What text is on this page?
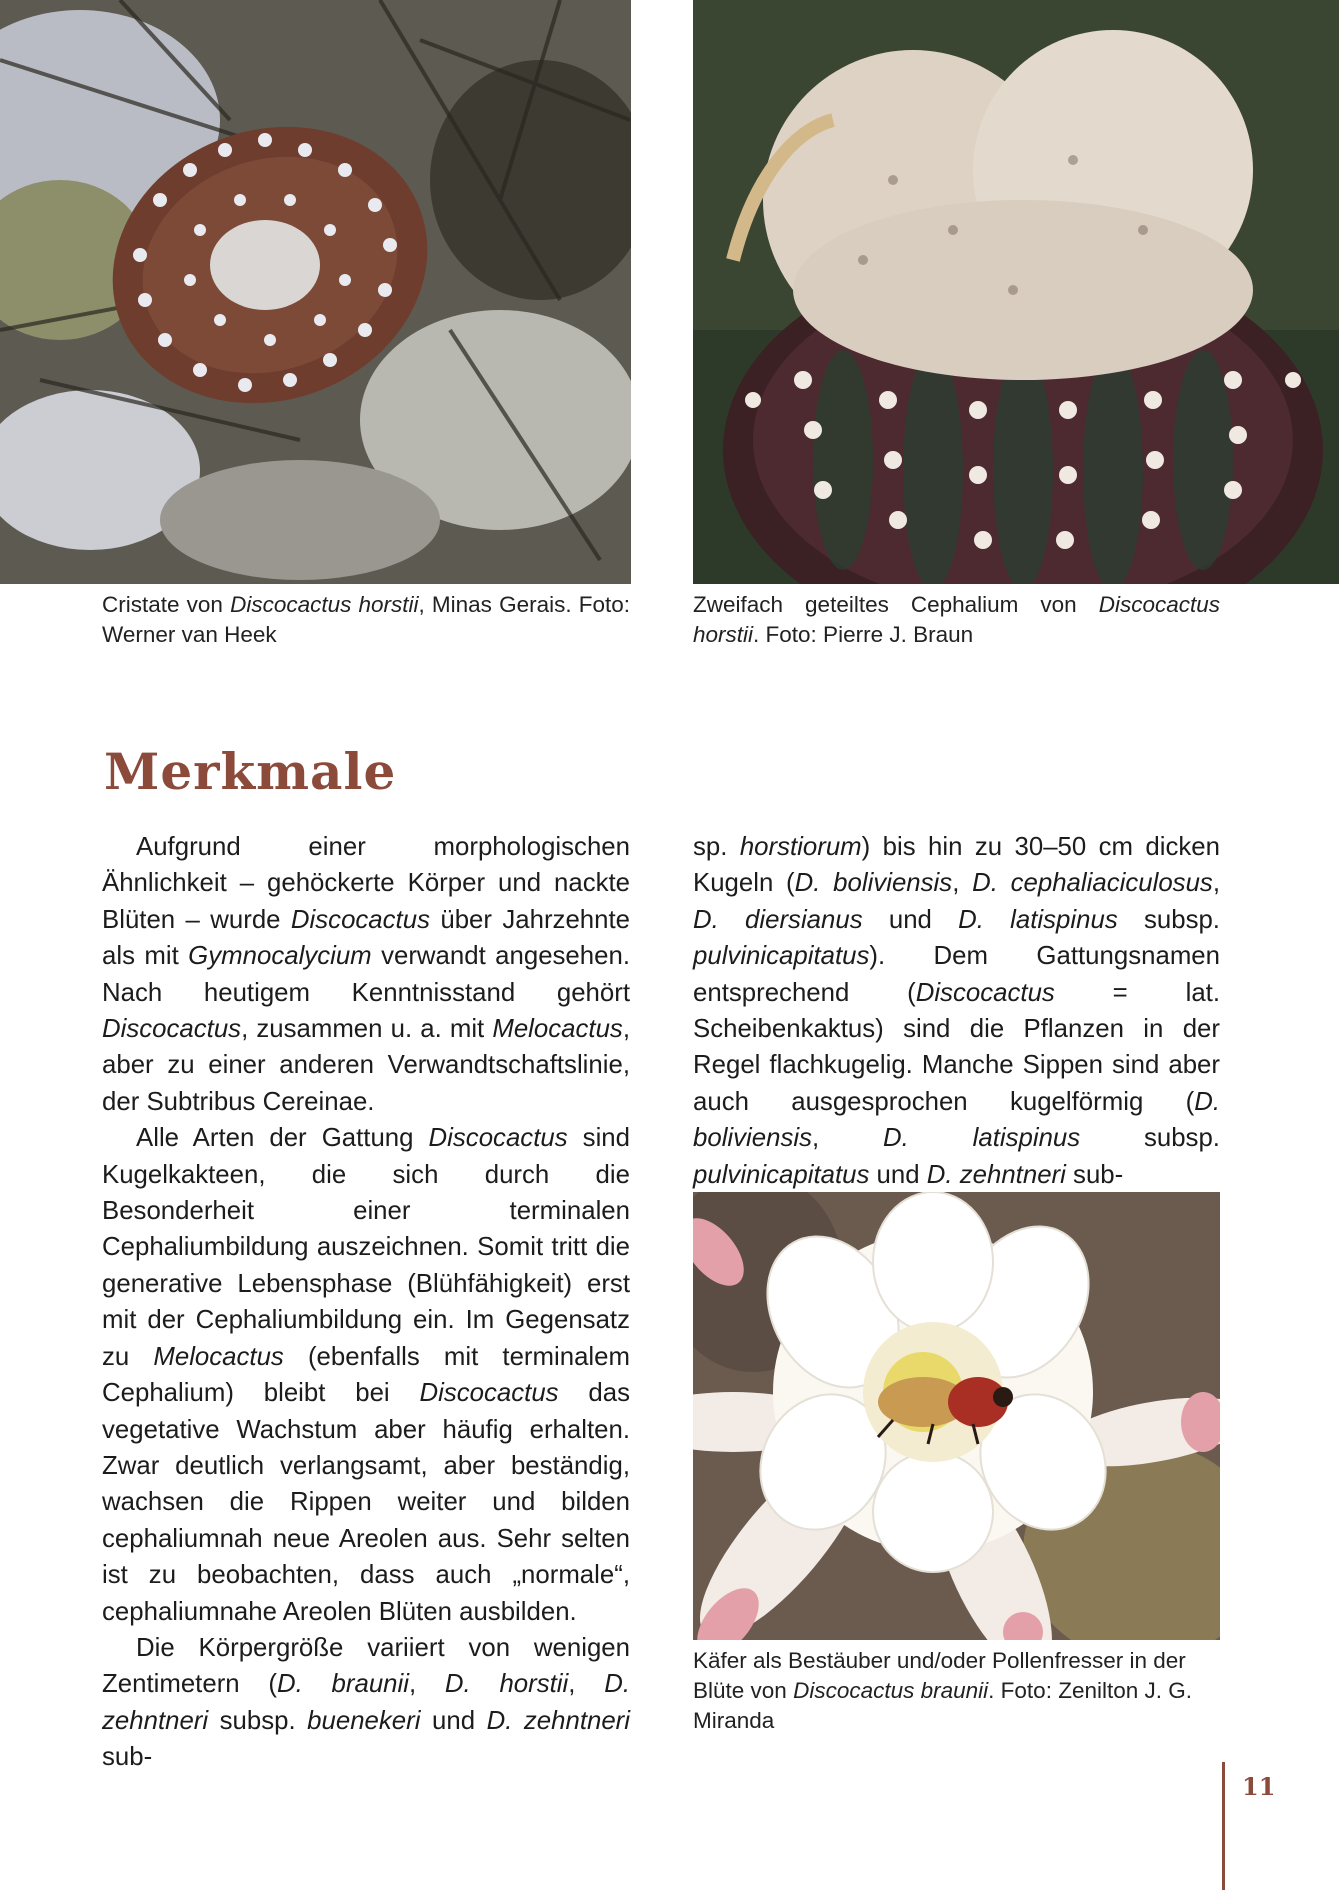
Cristate von Discocactus horstii, Minas Gerais. Foto: Werner van Heek
Zweifach geteiltes Cephalium von Discocactus horstii. Foto: Pierre J. Braun
Merkmale

Aufgrund einer morphologischen Ähnlichkeit – gehöckerte Körper und nackte Blüten – wurde Discocactus über Jahrzehnte als mit Gymnocalycium verwandt angesehen. Nach heutigem Kenntnisstand gehört Discocactus, zusammen u. a. mit Melocactus, aber zu einer anderen Verwandtschaftslinie, der Subtribus Cereinae.

Alle Arten der Gattung Discocactus sind Kugelkakteen, die sich durch die Besonderheit einer terminalen Cephaliumbildung auszeichnen. Somit tritt die generative Lebensphase (Blühfähigkeit) erst mit der Cephaliumbildung ein. Im Gegensatz zu Melocactus (ebenfalls mit terminalem Cephalium) bleibt bei Discocactus das vegetative Wachstum aber häufig erhalten. Zwar deutlich verlangsamt, aber beständig, wachsen die Rippen weiter und bilden cephaliumnah neue Areolen aus. Sehr selten ist zu beobachten, dass auch „normale“, cephaliumnahe Areolen Blüten ausbilden.

Die Körpergröße variiert von wenigen Zentimetern (D. braunii, D. horstii, D. zehntneri subsp. buenekeri und D. zehntneri sub-

sp. horstiorum) bis hin zu 30–50 cm dicken Kugeln (D. boliviensis, D. cephaliaciculosus, D. diersianus und D. latispinus subsp. pulvinicapitatus). Dem Gattungsnamen entsprechend (Discocactus = lat. Scheibenkaktus) sind die Pflanzen in der Regel flachkugelig. Manche Sippen sind aber auch ausgesprochen kugelförmig (D. boliviensis, D. latispinus subsp. pulvinicapitatus und D. zehntneri sub-

Käfer als Bestäuber und/oder Pollenfresser in der Blüte von Discocactus braunii. Foto: Zenilton J. G. Miranda
11
